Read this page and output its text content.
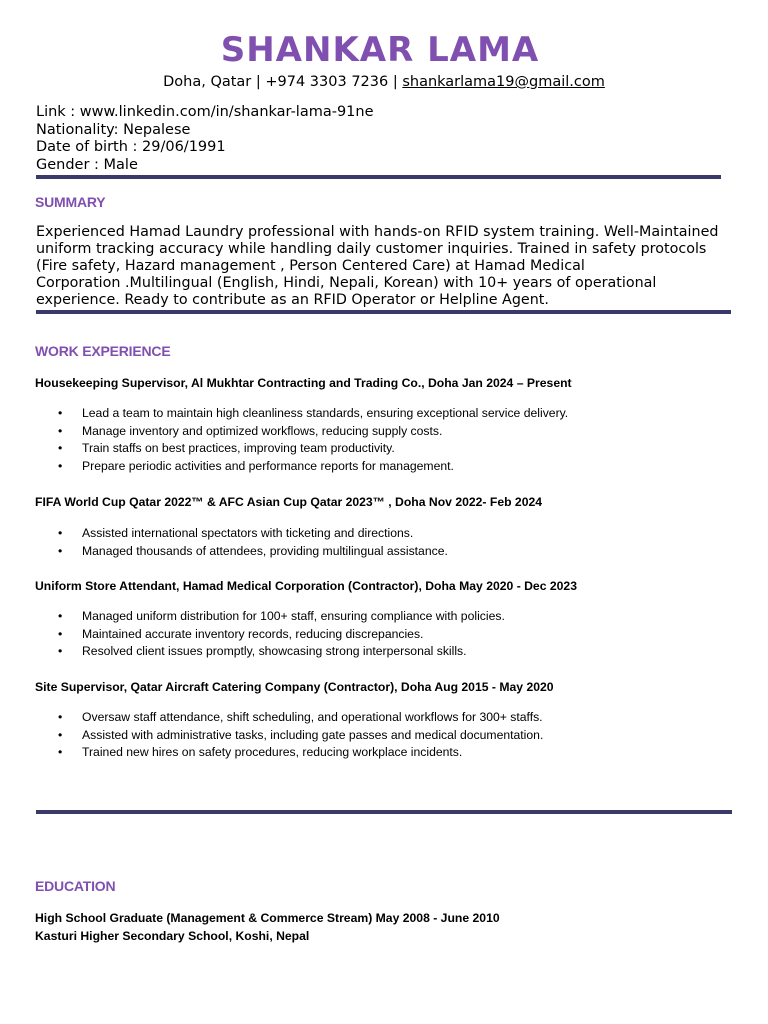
SHANKAR LAMA
Doha, Qatar | +974 3303 7236 | shankarlama19@gmail.com
Link : www.linkedin.com/in/shankar-lama-91ne
Nationality: Nepalese
Date of birth : 29/06/1991
Gender : Male
SUMMARY
Experienced Hamad Laundry professional with hands-on RFID system training. Well-Maintained
uniform tracking accuracy while handling daily customer inquiries. Trained in safety protocols
(Fire safety, Hazard management , Person Centered Care) at Hamad Medical
Corporation .Multilingual (English, Hindi, Nepali, Korean) with 10+ years of operational
experience. Ready to contribute as an RFID Operator or Helpline Agent.
WORK EXPERIENCE
Housekeeping Supervisor, Al Mukhtar Contracting and Trading Co., Doha Jan 2024 – Present
• Lead a team to maintain high cleanliness standards, ensuring exceptional service delivery.
• Manage inventory and optimized workflows, reducing supply costs.
• Train staffs on best practices, improving team productivity.
• Prepare periodic activities and performance reports for management.
FIFA World Cup Qatar 2022™ & AFC Asian Cup Qatar 2023™ , Doha Nov 2022- Feb 2024
• Assisted international spectators with ticketing and directions.
• Managed thousands of attendees, providing multilingual assistance.
Uniform Store Attendant, Hamad Medical Corporation (Contractor), Doha May 2020 - Dec 2023
• Managed uniform distribution for 100+ staff, ensuring compliance with policies.
• Maintained accurate inventory records, reducing discrepancies.
• Resolved client issues promptly, showcasing strong interpersonal skills.
Site Supervisor, Qatar Aircraft Catering Company (Contractor), Doha Aug 2015 - May 2020
• Oversaw staff attendance, shift scheduling, and operational workflows for 300+ staffs.
• Assisted with administrative tasks, including gate passes and medical documentation.
• Trained new hires on safety procedures, reducing workplace incidents.
EDUCATION
High School Graduate (Management & Commerce Stream) May 2008 - June 2010
Kasturi Higher Secondary School, Koshi, Nepal
